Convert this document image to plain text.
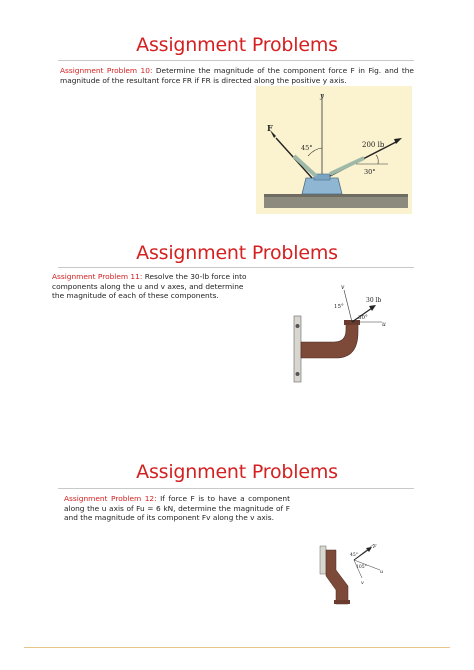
Assignment Problems
Assignment Problem 10: Determine the magnitude of the component force F in Fig. and the magnitude of the resultant force FR if FR is directed along the positive y axis.
y
F
45°	200 lb
30°
Assignment Problems
Assignment Problem 11: Resolve the 30-lb force into components along the u and v axes, and determine the magnitude of each of these components.
u
v
30 lb
15°
30°
Assignment Problems
Assignment Problem 12: If force F is to have a component along the u axis of Fu = 6 kN, determine the magnitude of F and the magnitude of its component Fv along the v axis.
45°
105°
u
v
F
